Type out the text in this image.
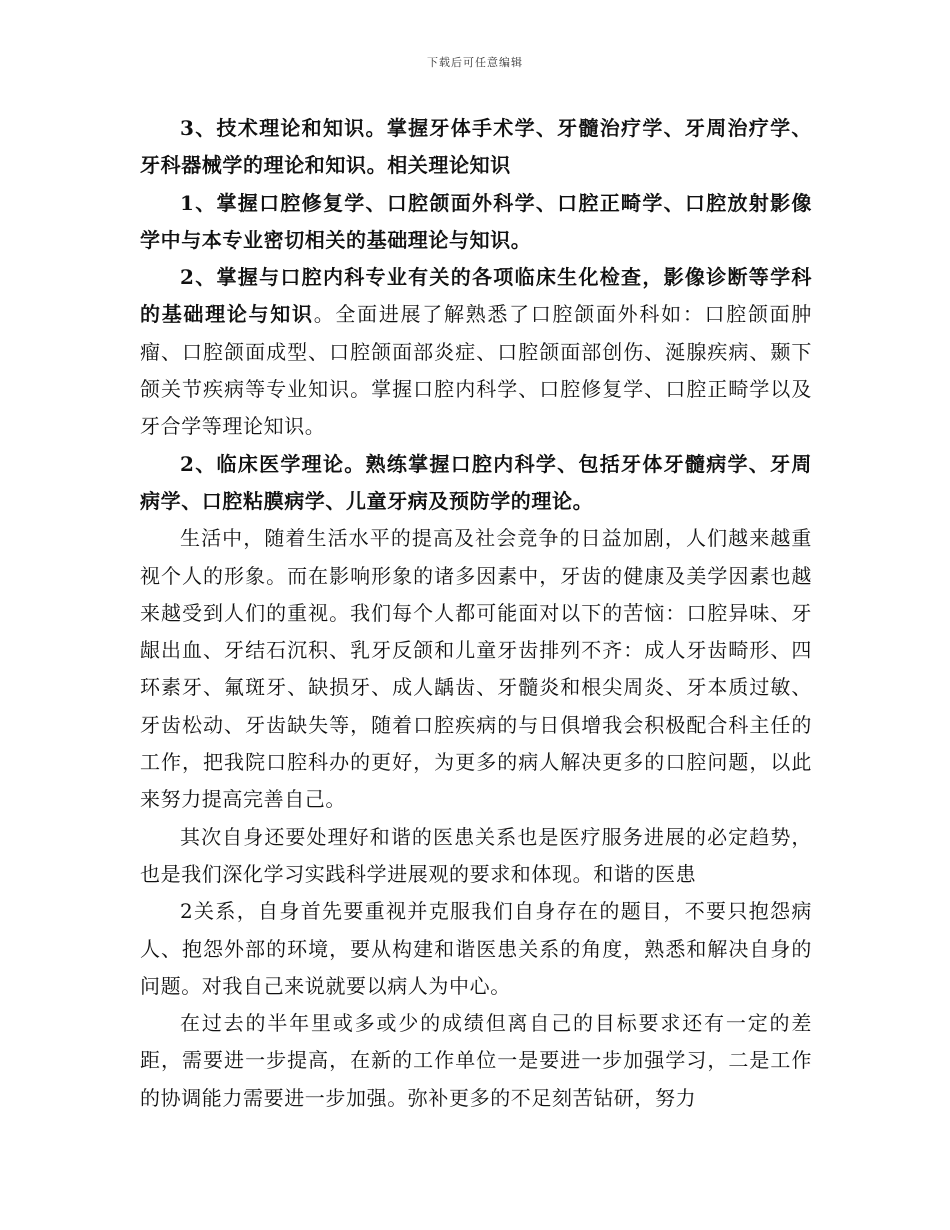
下载后可任意编辑

3、技术理论和知识。掌握牙体手术学、牙髓治疗学、牙周治疗学、牙科器械学的理论和知识。相关理论知识

1、掌握口腔修复学、口腔颌面外科学、口腔正畸学、口腔放射影像学中与本专业密切相关的基础理论与知识。

2、掌握与口腔内科专业有关的各项临床生化检查，影像诊断等学科的基础理论与知识。全面进展了解熟悉了口腔颌面外科如：口腔颌面肿瘤、口腔颌面成型、口腔颌面部炎症、口腔颌面部创伤、涎腺疾病、颞下颌关节疾病等专业知识。掌握口腔内科学、口腔修复学、口腔正畸学以及牙合学等理论知识。

2、临床医学理论。熟练掌握口腔内科学、包括牙体牙髓病学、牙周病学、口腔粘膜病学、儿童牙病及预防学的理论。

生活中，随着生活水平的提高及社会竞争的日益加剧，人们越来越重视个人的形象。而在影响形象的诸多因素中，牙齿的健康及美学因素也越来越受到人们的重视。我们每个人都可能面对以下的苦恼：口腔异味、牙龈出血、牙结石沉积、乳牙反颌和儿童牙齿排列不齐：成人牙齿畸形、四环素牙、氟斑牙、缺损牙、成人龋齿、牙髓炎和根尖周炎、牙本质过敏、牙齿松动、牙齿缺失等，随着口腔疾病的与日俱增我会积极配合科主任的工作，把我院口腔科办的更好，为更多的病人解决更多的口腔问题，以此来努力提高完善自己。

其次自身还要处理好和谐的医患关系也是医疗服务进展的必定趋势，也是我们深化学习实践科学进展观的要求和体现。和谐的医患

2关系，自身首先要重视并克服我们自身存在的题目，不要只抱怨病人、抱怨外部的环境，要从构建和谐医患关系的角度，熟悉和解决自身的问题。对我自己来说就要以病人为中心。

在过去的半年里或多或少的成绩但离自己的目标要求还有一定的差距，需要进一步提高，在新的工作单位一是要进一步加强学习，二是工作的协调能力需要进一步加强。弥补更多的不足刻苦钻研，努力
